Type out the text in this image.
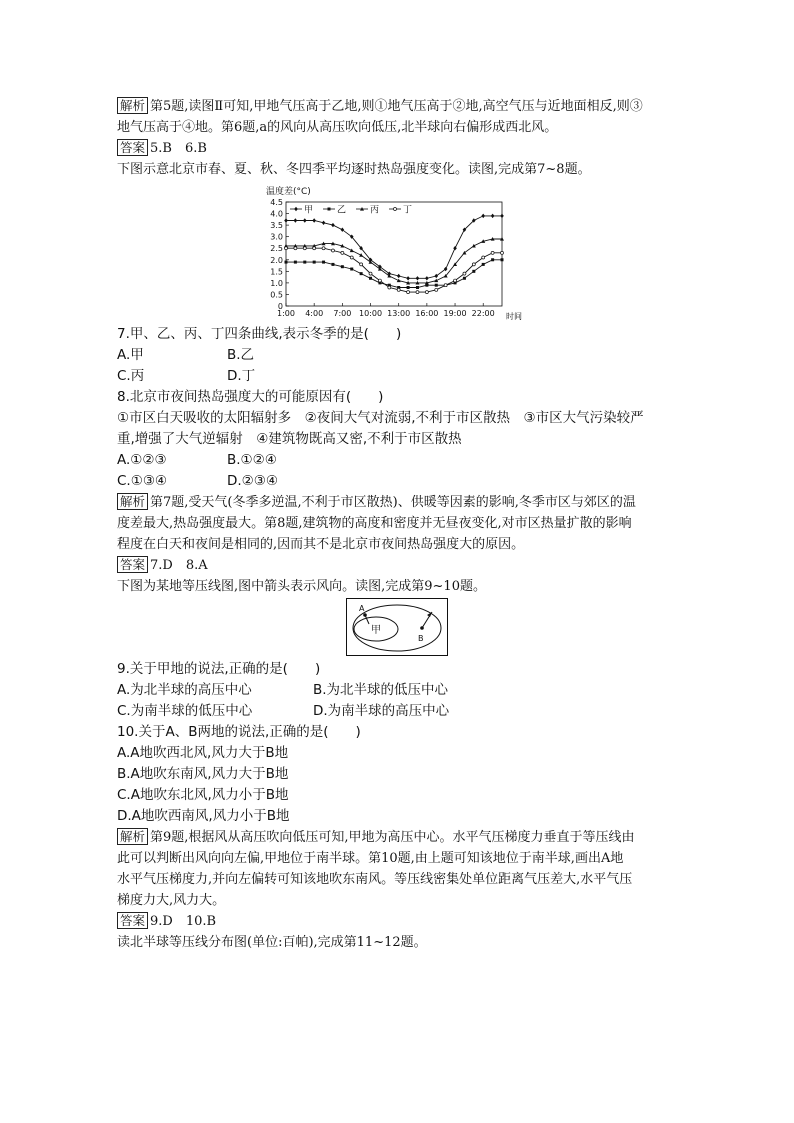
解析 第5题,读图Ⅱ可知,甲地气压高于乙地,则①地气压高于②地,高空气压与近地面相反,则③
地气压高于④地。第6题,a的风向从高压吹向低压,北半球向右偏形成西北风。
答案 5.B　6.B
下图示意北京市春、夏、秋、冬四季平均逐时热岛强度变化。读图,完成第7~8题。
温度差(°C)
0
0.5
1.0
1.5
2.0
2.5
3.0
3.5
4.0
4.5
1:00 4:00 7:00 10:00 13:00 16:00 19:00 22:00 时间
甲	乙	丙	丁
7.甲、乙、丙、丁四条曲线,表示冬季的是(　　)
A.甲	B.乙
C.丙	D.丁
8.北京市夜间热岛强度大的可能原因有(　　)
①市区白天吸收的太阳辐射多　②夜间大气对流弱,不利于市区散热　③市区大气污染较严
重,增强了大气逆辐射　④建筑物既高又密,不利于市区散热
A.①②③	B.①②④
C.①③④	D.②③④
解析 第7题,受天气(冬季多逆温,不利于市区散热)、供暖等因素的影响,冬季市区与郊区的温
度差最大,热岛强度最大。第8题,建筑物的高度和密度并无昼夜变化,对市区热量扩散的影响
程度在白天和夜间是相同的,因而其不是北京市夜间热岛强度大的原因。
答案 7.D　8.A
下图为某地等压线图,图中箭头表示风向。读图,完成第9~10题。
甲
A
B
9.关于甲地的说法,正确的是(　　)
A.为北半球的高压中心	B.为北半球的低压中心
C.为南半球的低压中心	D.为南半球的高压中心
10.关于A、B两地的说法,正确的是(　　)
A.A地吹西北风,风力大于B地
B.A地吹东南风,风力大于B地
C.A地吹东北风,风力小于B地
D.A地吹西南风,风力小于B地
解析 第9题,根据风从高压吹向低压可知,甲地为高压中心。水平气压梯度力垂直于等压线由
此可以判断出风向向左偏,甲地位于南半球。第10题,由上题可知该地位于南半球,画出A地
水平气压梯度力,并向左偏转可知该地吹东南风。等压线密集处单位距离气压差大,水平气压
梯度力大,风力大。
答案 9.D　10.B
读北半球等压线分布图(单位:百帕),完成第11~12题。
